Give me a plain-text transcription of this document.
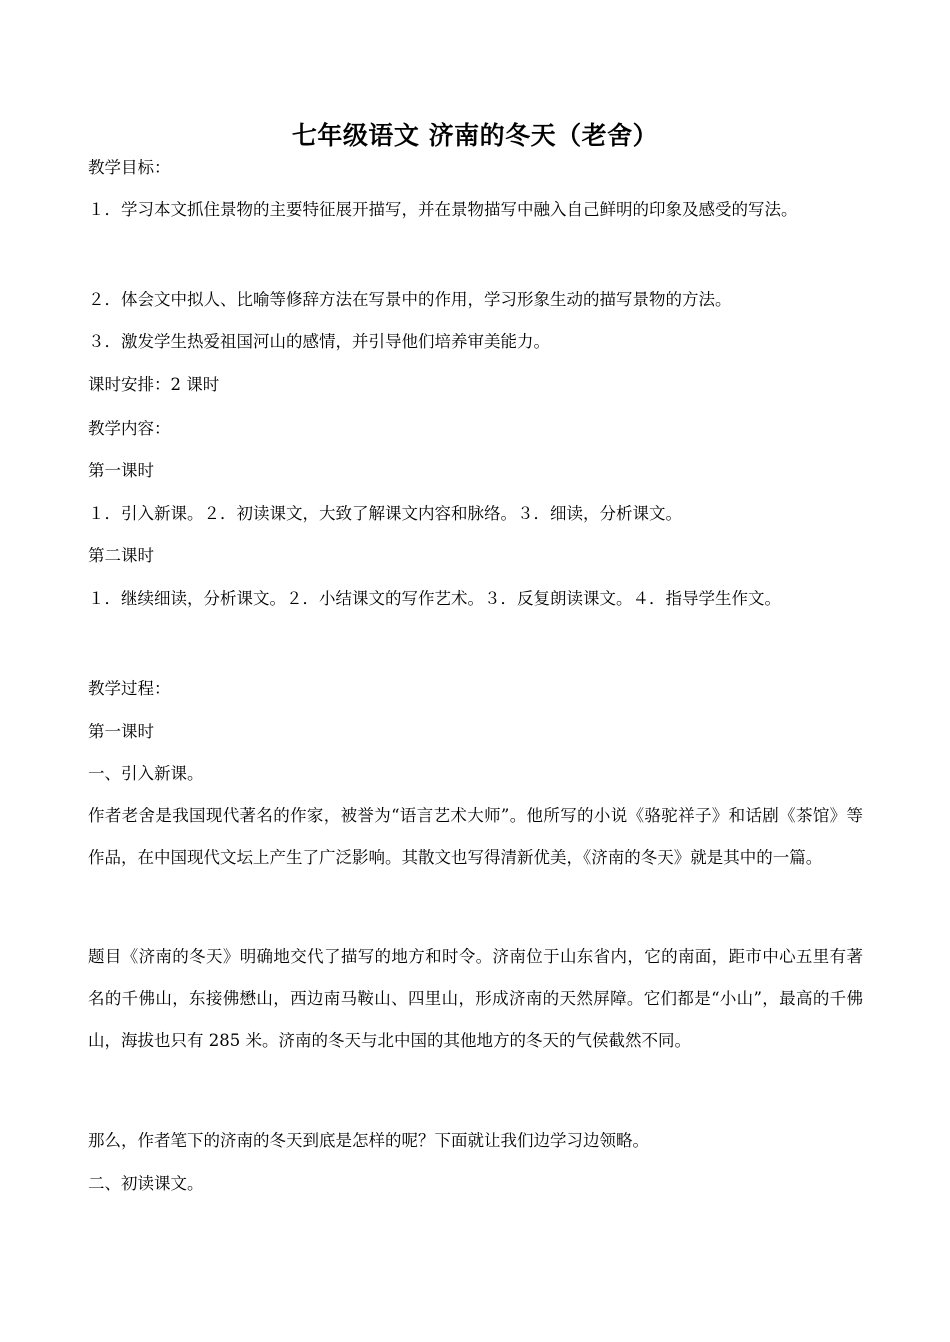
七年级语文 济南的冬天（老舍）
教学目标：
１．学习本文抓住景物的主要特征展开描写，并在景物描写中融入自己鲜明的印象及感受的写法。
２．体会文中拟人、比喻等修辞方法在写景中的作用，学习形象生动的描写景物的方法。
３．激发学生热爱祖国河山的感情，并引导他们培养审美能力。
课时安排：2 课时
教学内容：
第一课时
１．引入新课。２．初读课文，大致了解课文内容和脉络。３．细读，分析课文。
第二课时
１．继续细读，分析课文。２．小结课文的写作艺术。３．反复朗读课文。４．指导学生作文。
教学过程：
第一课时
一、引入新课。
作者老舍是我国现代著名的作家，被誉为“语言艺术大师”。他所写的小说《骆驼祥子》和话剧《茶馆》等作品，在中国现代文坛上产生了广泛影响。其散文也写得清新优美，《济南的冬天》就是其中的一篇。
题目《济南的冬天》明确地交代了描写的地方和时令。济南位于山东省内，它的南面，距市中心五里有著名的千佛山，东接佛懋山，西边南马鞍山、四里山，形成济南的天然屏障。它们都是“小山”，最高的千佛山，海拔也只有 285 米。济南的冬天与北中国的其他地方的冬天的气侯截然不同。
那么，作者笔下的济南的冬天到底是怎样的呢？下面就让我们边学习边领略。
二、初读课文。
